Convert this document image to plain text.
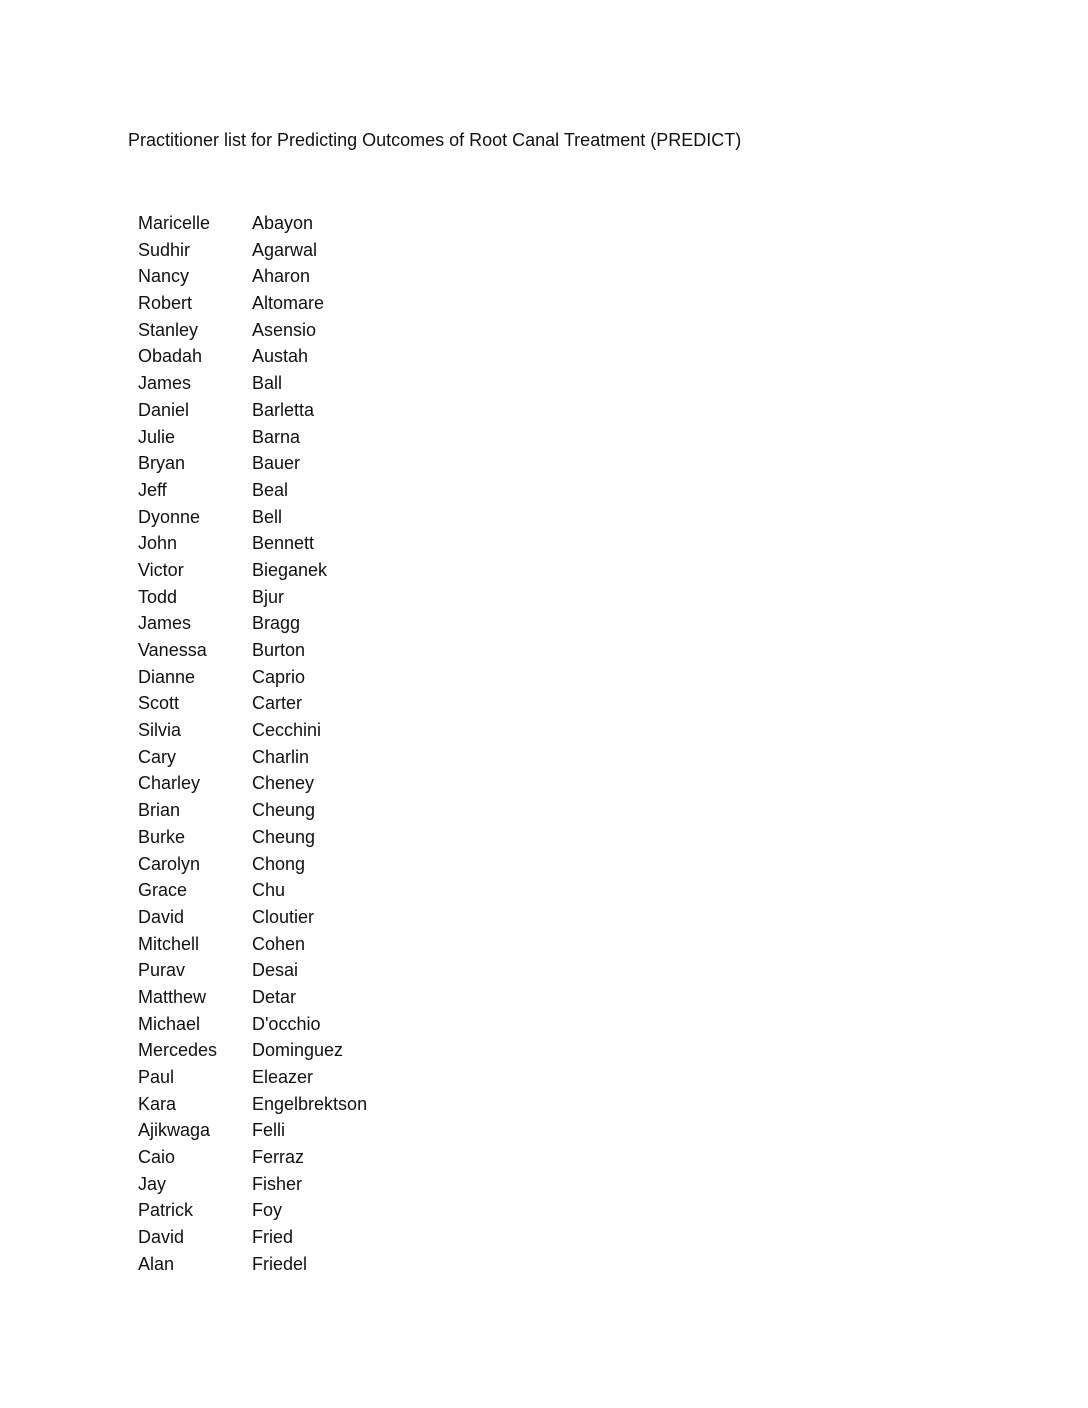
Practitioner list for Predicting Outcomes of Root Canal Treatment (PREDICT)
Maricelle	Abayon
Sudhir	Agarwal
Nancy	Aharon
Robert	Altomare
Stanley	Asensio
Obadah	Austah
James	Ball
Daniel	Barletta
Julie	Barna
Bryan	Bauer
Jeff	Beal
Dyonne	Bell
John	Bennett
Victor	Bieganek
Todd	Bjur
James	Bragg
Vanessa	Burton
Dianne	Caprio
Scott	Carter
Silvia	Cecchini
Cary	Charlin
Charley	Cheney
Brian	Cheung
Burke	Cheung
Carolyn	Chong
Grace	Chu
David	Cloutier
Mitchell	Cohen
Purav	Desai
Matthew	Detar
Michael	D'occhio
Mercedes	Dominguez
Paul	Eleazer
Kara	Engelbrektson
Ajikwaga	Felli
Caio	Ferraz
Jay	Fisher
Patrick	Foy
David	Fried
Alan	Friedel
